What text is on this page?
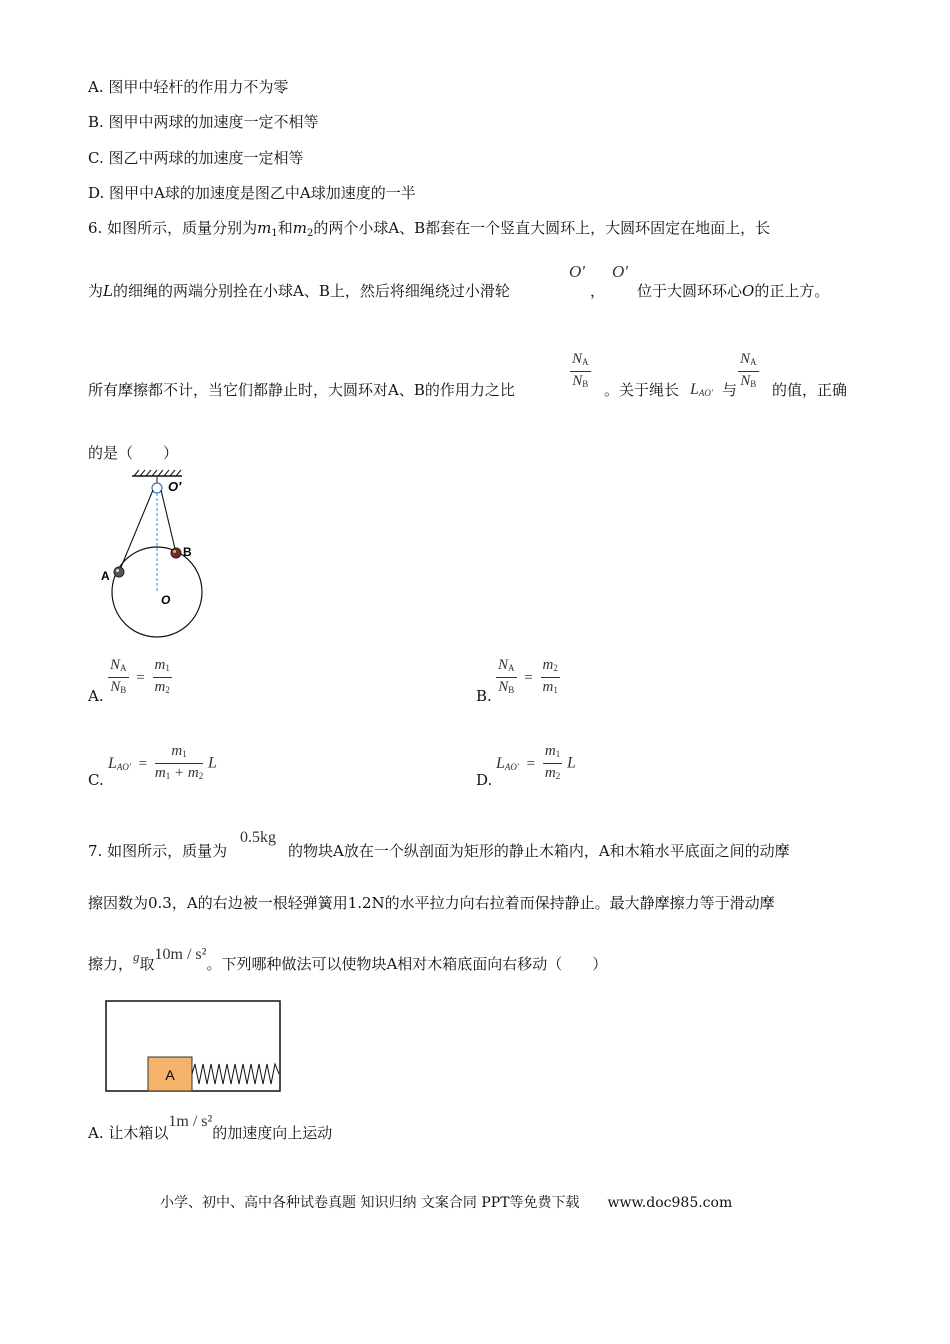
A. 图甲中轻杆的作用力不为零
B. 图甲中两球的加速度一定不相等
C. 图乙中两球的加速度一定相等
D. 图甲中A球的加速度是图乙中A球加速度的一半
6. 如图所示，质量分别为$m_1$和$m_2$的两个小球A、B都套在一个竖直大圆环上，大圆环固定在地面上，长
为L的细绳的两端分别拴在小球A、B上，然后将细绳绕过小滑轮
O'
，
O'
位于大圆环环心O的正上方。
所有摩擦都不计，当它们都静止时，大圆环对A、B的作用力之比	$\frac{NA}{NB}$ 。关于绳长 LAO′ 与 $\frac{NA}{NB}$ 的值，正确
的是（　　）
O′
A
B
O
A. $\frac{NA}{NB} = \frac{m1}{m2}$	B. $\frac{NA}{NB} = \frac{m2}{m1}$
C.
$LAO' = \frac{m1}{m1 + m2}$ L
D.
$LAO' = \frac{m1}{m2}$ L
7. 如图所示，质量为
0.5kg
的物块A放在一个纵剖面为矩形的静止木箱内，A和木箱水平底面之间的动摩
擦因数为0.3，A的右边被一根轻弹簧用1.2N的水平拉力向右拉着而保持静止。最大静摩擦力等于滑动摩
擦力，g取10m / s²。下列哪种做法可以使物块A相对木箱底面向右移动（　　）
A
A. 让木箱以1m / s²的加速度向上运动
小学、初中、高中各种试卷真题 知识归纳 文案合同 PPT等免费下载 www.doc985.com
